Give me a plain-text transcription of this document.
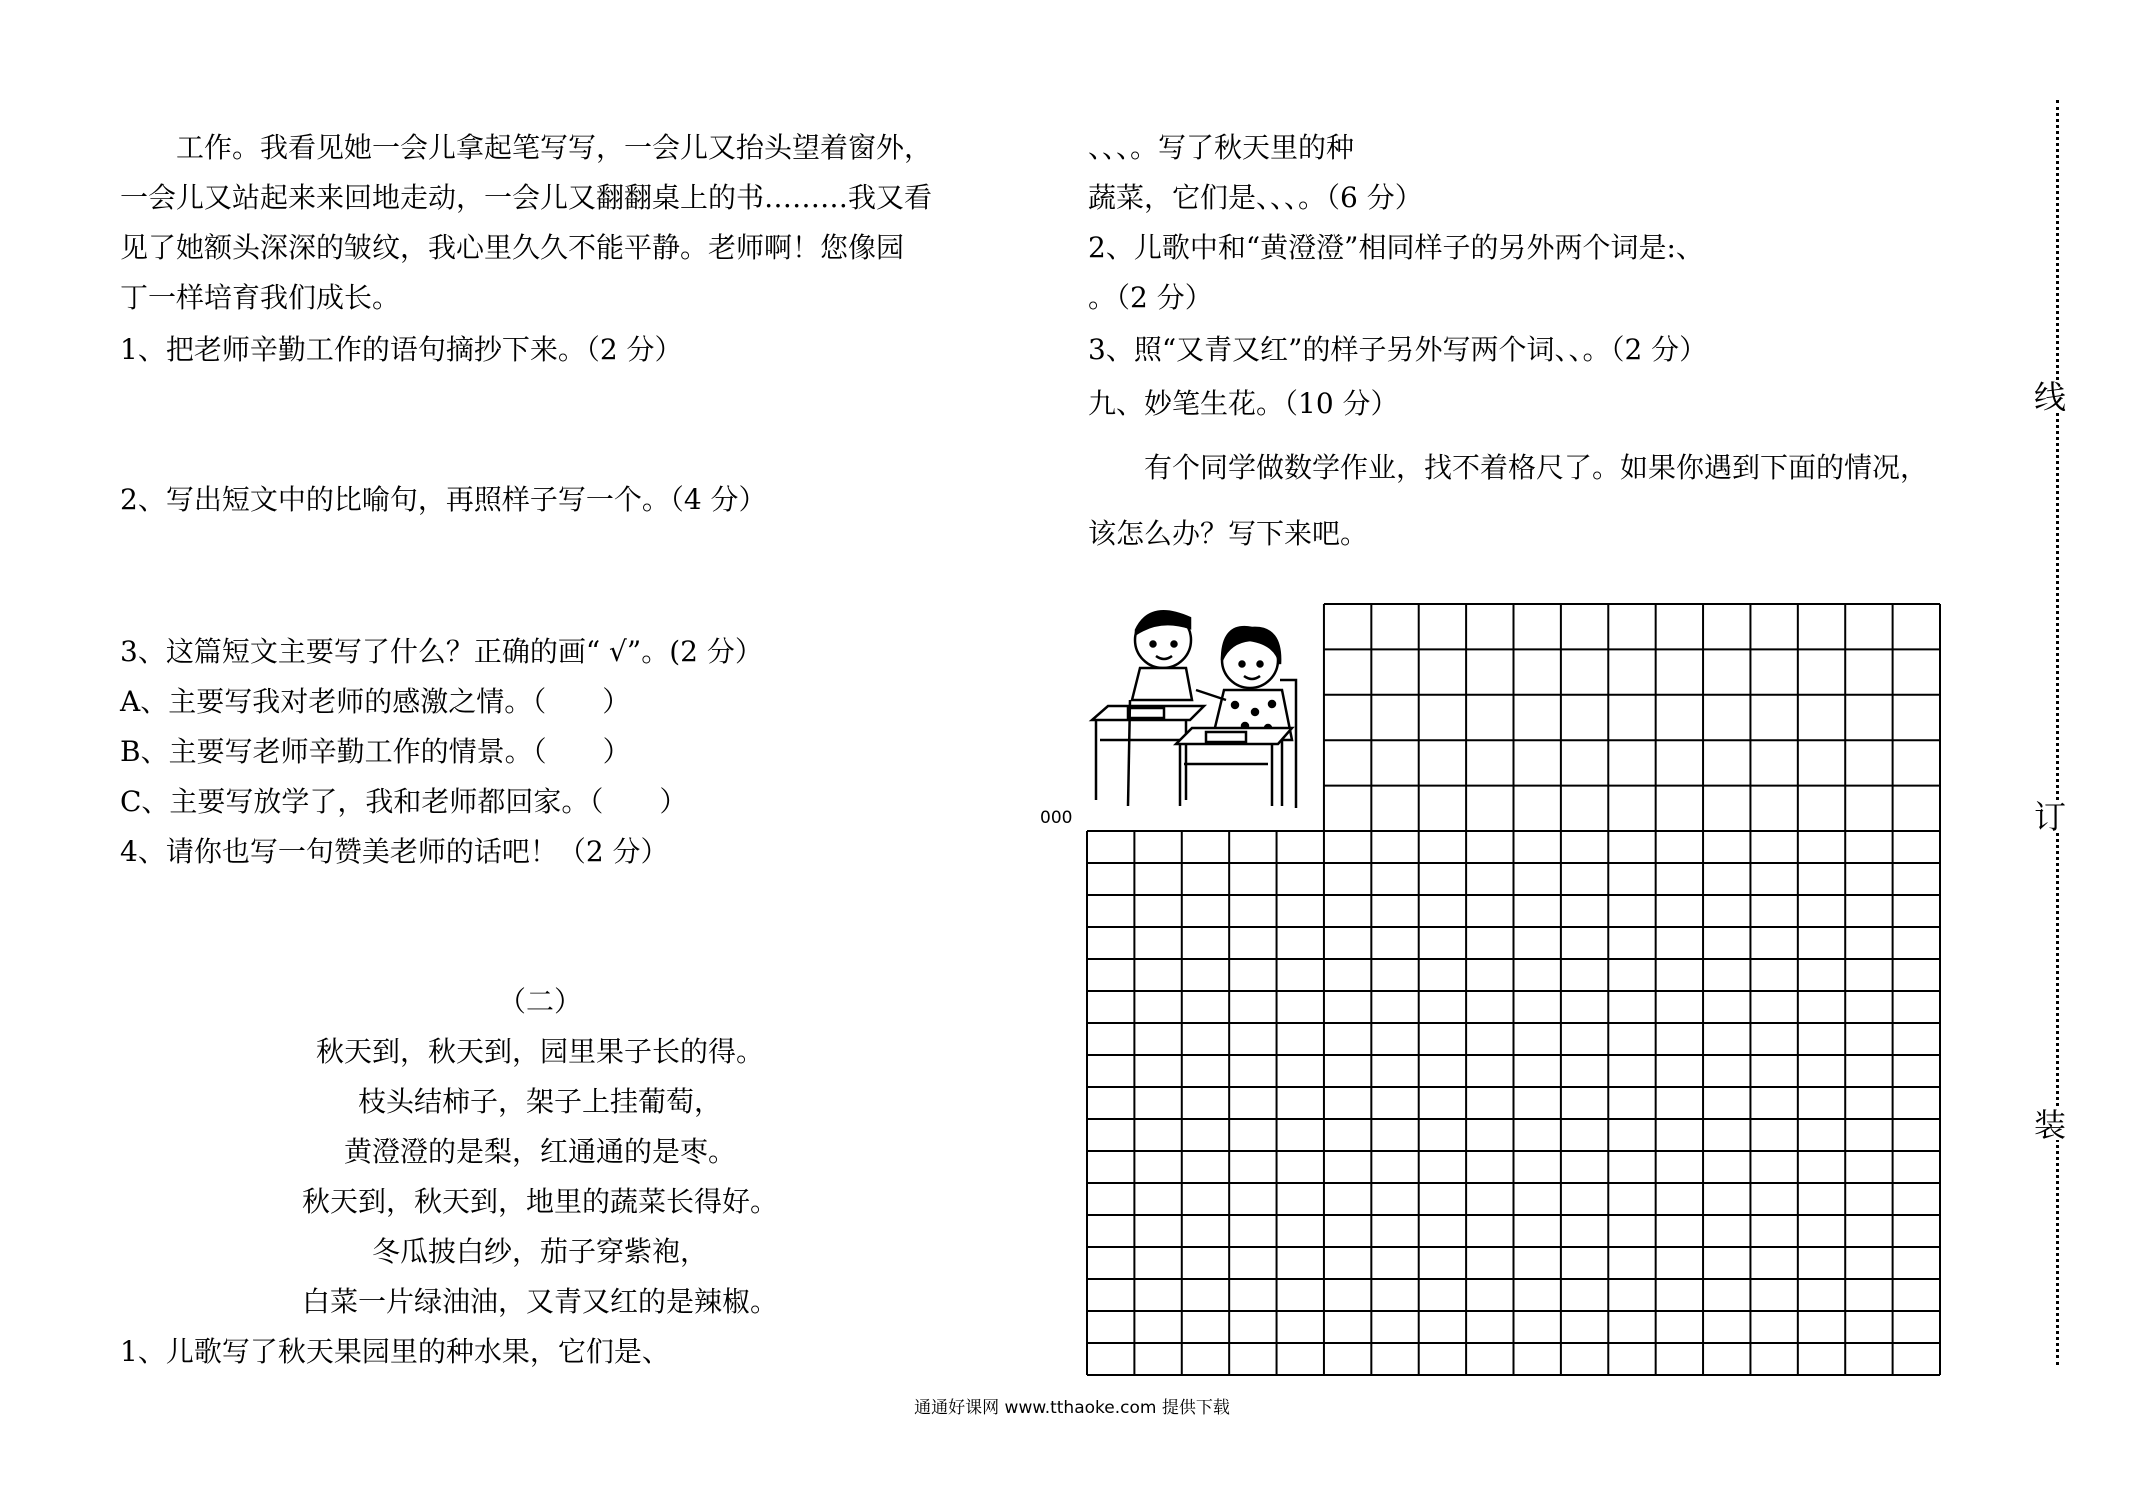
　　工作。我看见她一会儿拿起笔写写，一会儿又抬头望着窗外，
一会儿又站起来来回地走动，一会儿又翻翻桌上的书………我又看
见了她额头深深的皱纹，我心里久久不能平静。老师啊！您像园
丁一样培育我们成长。
1、把老师辛勤工作的语句摘抄下来。（2 分）
2、写出短文中的比喻句，再照样子写一个。（4 分）
3、这篇短文主要写了什么？正确的画“ √”。(2 分）
A、主要写我对老师的感激之情。（　　）
B、主要写老师辛勤工作的情景。（　　）
C、主要写放学了，我和老师都回家。（　　）
4、请你也写一句赞美老师的话吧！（2 分）
（二）
秋天到，秋天到，园里果子长的得。
枝头结柿子，架子上挂葡萄，
黄澄澄的是梨，红通通的是枣。
秋天到，秋天到，地里的蔬菜长得好。
冬瓜披白纱，茄子穿紫袍，
白菜一片绿油油，又青又红的是辣椒。
1、儿歌写了秋天果园里的种水果，它们是、
、、、。写了秋天里的种
蔬菜，它们是、、、。（6 分）
2、儿歌中和“黄澄澄”相同样子的另外两个词是:、
。（2 分）
3、照“又青又红”的样子另外写两个词、、。（2 分）
九、妙笔生花。（10 分）
　　有个同学做数学作业，找不着格尺了。如果你遇到下面的情况，
该怎么办？写下来吧。
000
线
订
装
通通好课网 www.tthaoke.com 提供下载
